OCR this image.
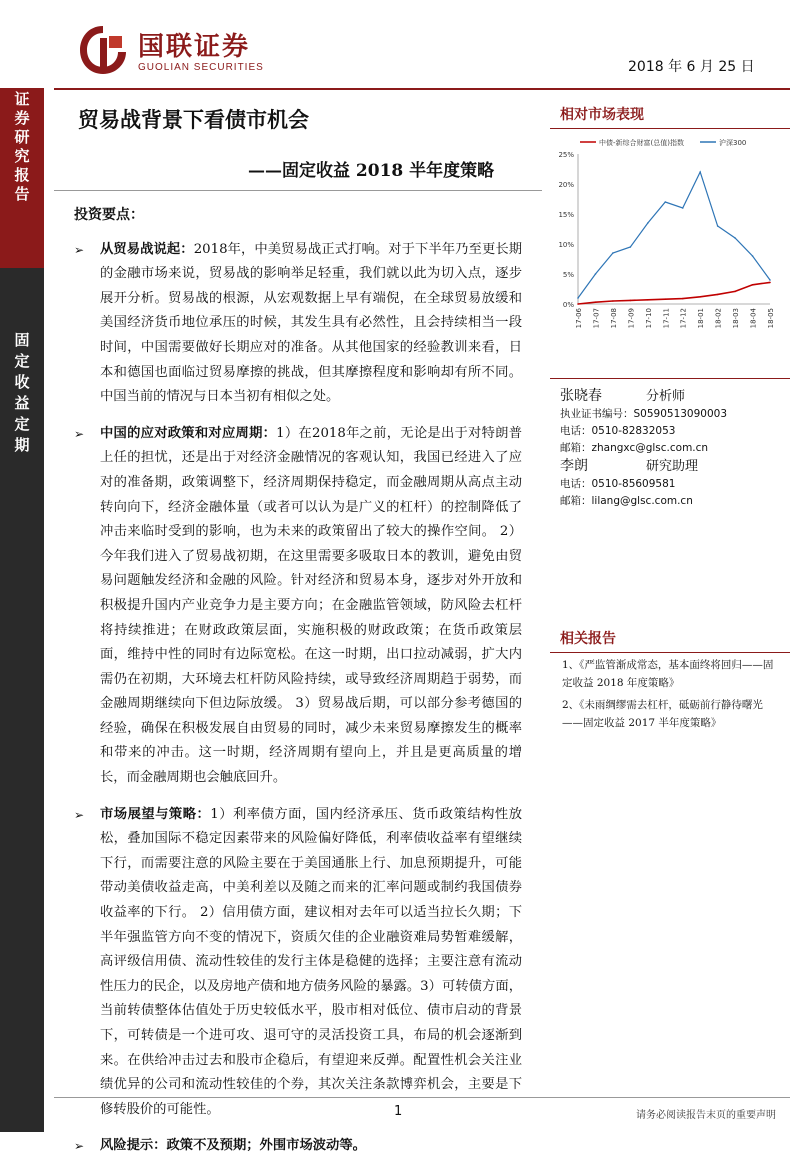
证
券
研
究
报
告
固
定
收
益
定
期
国联证券
GUOLIAN SECURITIES	2018 年 6 月 25 日
贸易战背景下看债市机会
——固定收益 2018 半年度策略
投资要点：
➢ 从贸易战说起：2018年，中美贸易战正式打响。对于下半年乃至更长期的金融市场来说，贸易战的影响举足轻重，我们就以此为切入点，逐步展开分析。贸易战的根源，从宏观数据上早有端倪，在全球贸易放缓和美国经济货币地位承压的时候，其发生具有必然性，且会持续相当一段时间，中国需要做好长期应对的准备。从其他国家的经验教训来看，日本和德国也面临过贸易摩擦的挑战，但其摩擦程度和影响却有所不同。中国当前的情况与日本当初有相似之处。
➢ 中国的应对政策和对应周期：1）在2018年之前，无论是出于对特朗普上任的担忧，还是出于对经济金融情况的客观认知，我国已经进入了应对的准备期，政策调整下，经济周期保持稳定，而金融周期从高点主动转向向下，经济金融体量（或者可以认为是广义的杠杆）的控制降低了冲击来临时受到的影响，也为未来的政策留出了较大的操作空间。 2）今年我们进入了贸易战初期，在这里需要多吸取日本的教训，避免由贸易问题触发经济和金融的风险。针对经济和贸易本身，逐步对外开放和积极提升国内产业竞争力是主要方向；在金融监管领域，防风险去杠杆将持续推进；在财政政策层面，实施积极的财政政策；在货币政策层面，维持中性的同时有边际宽松。在这一时期，出口拉动减弱，扩大内需仍在初期，大环境去杠杆防风险持续，或导致经济周期趋于弱势，而金融周期继续向下但边际放缓。 3）贸易战后期，可以部分参考德国的经验，确保在积极发展自由贸易的同时，减少未来贸易摩擦发生的概率和带来的冲击。这一时期，经济周期有望向上，并且是更高质量的增长，而金融周期也会触底回升。
➢ 市场展望与策略：1）利率债方面，国内经济承压、货币政策结构性放松，叠加国际不稳定因素带来的风险偏好降低，利率债收益率有望继续下行，而需要注意的风险主要在于美国通胀上行、加息预期提升，可能带动美债收益走高，中美利差以及随之而来的汇率问题或制约我国债券收益率的下行。 2）信用债方面，建议相对去年可以适当拉长久期；下半年强监管方向不变的情况下，资质欠佳的企业融资难局势暂难缓解，高评级信用债、流动性较佳的发行主体是稳健的选择；主要注意有流动性压力的民企，以及房地产债和地方债务风险的暴露。3）可转债方面，当前转债整体估值处于历史较低水平，股市相对低位、债市启动的背景下，可转债是一个进可攻、退可守的灵活投资工具，布局的机会逐渐到来。在供给冲击过去和股市企稳后，有望迎来反弹。配置性机会关注业绩优异的公司和流动性较佳的个券，其次关注条款博弈机会，主要是下修转股价的可能性。
➢ 风险提示：政策不及预期；外围市场波动等。
相对市场表现
中债-新综合财富(总值)指数	沪深300
0%
5%
10%
15%
20%
25%
17-06 17-07 17-08 17-09 17-10 17-11 17-12 18-01 18-02 18-03 18-04 18-05
张晓春	分析师
执业证书编号：S0590513090003
电话：0510-82832053
邮箱：zhangxc@glsc.com.cn
李朗	研究助理
电话：0510-85609581
邮箱：lilang@glsc.com.cn
相关报告
1、《严监管渐成常态，基本面终将回归——固定收益 2018 年度策略》
2、《未雨绸缪需去杠杆，砥砺前行静待曙光——固定收益 2017 半年度策略》
1	请务必阅读报告末页的重要声明
